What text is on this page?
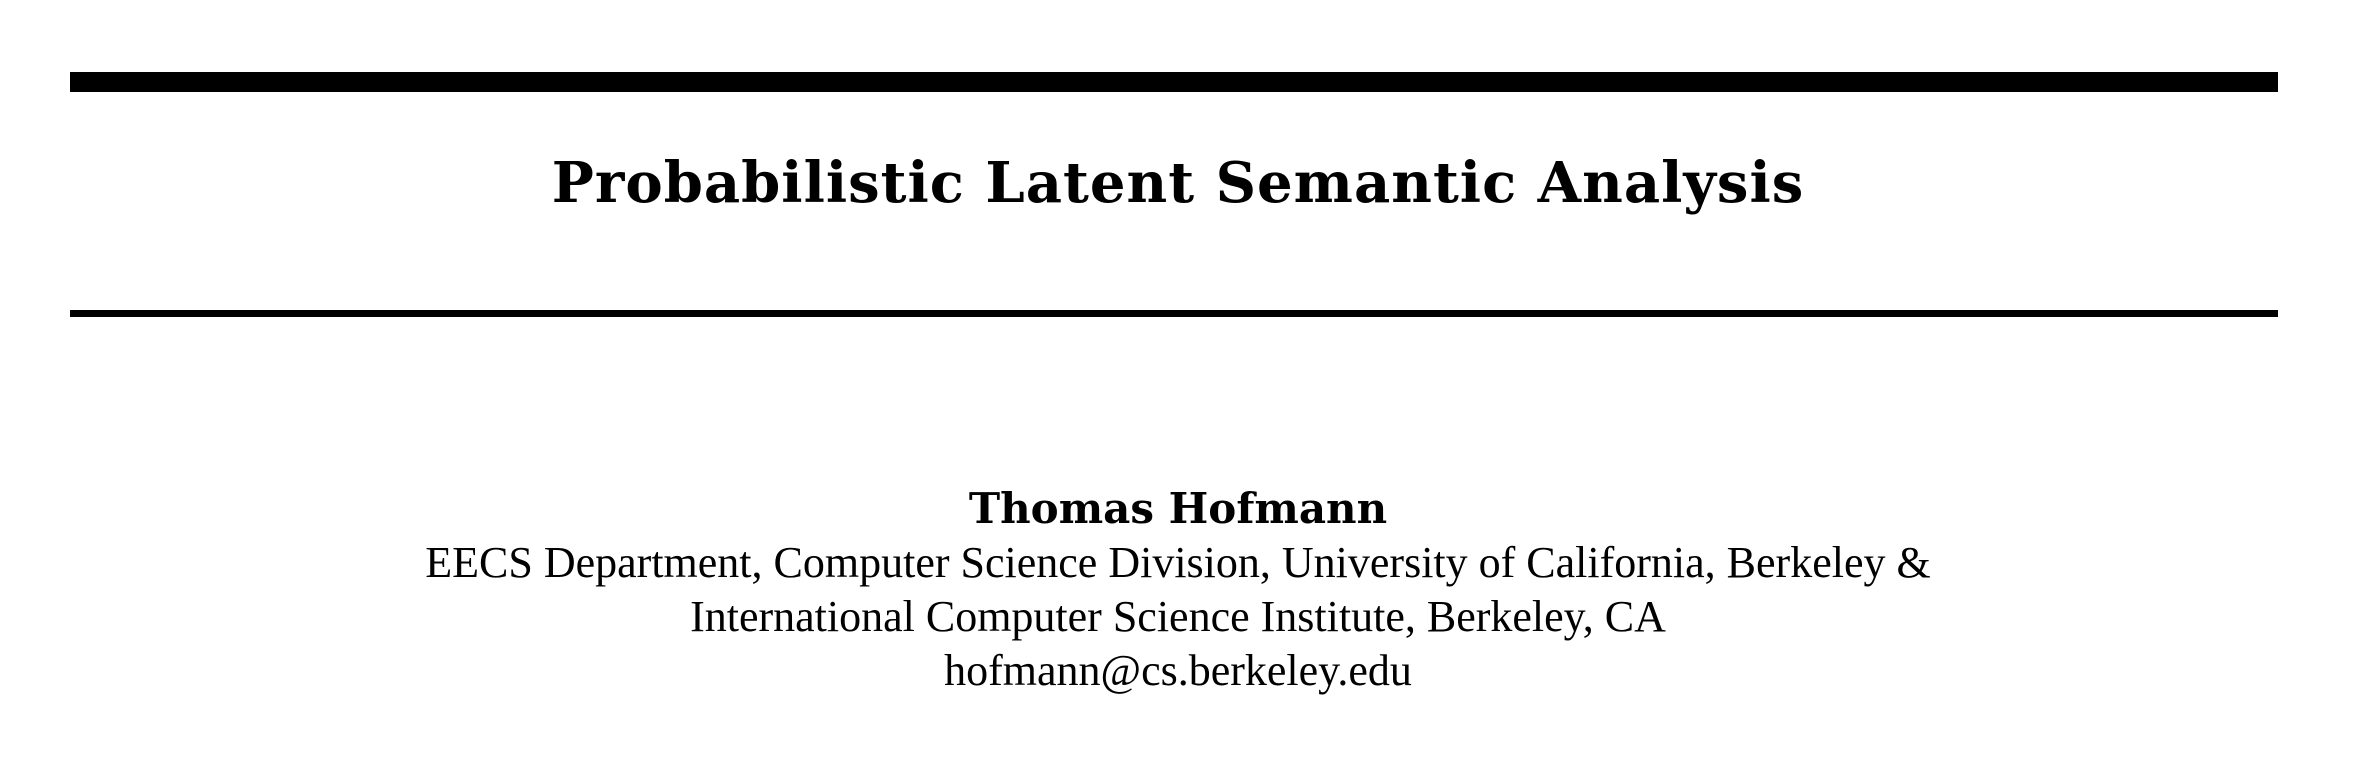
Probabilistic Latent Semantic Analysis
Thomas Hofmann
EECS Department, Computer Science Division, University of California, Berkeley &
International Computer Science Institute, Berkeley, CA
hofmann@cs.berkeley.edu
